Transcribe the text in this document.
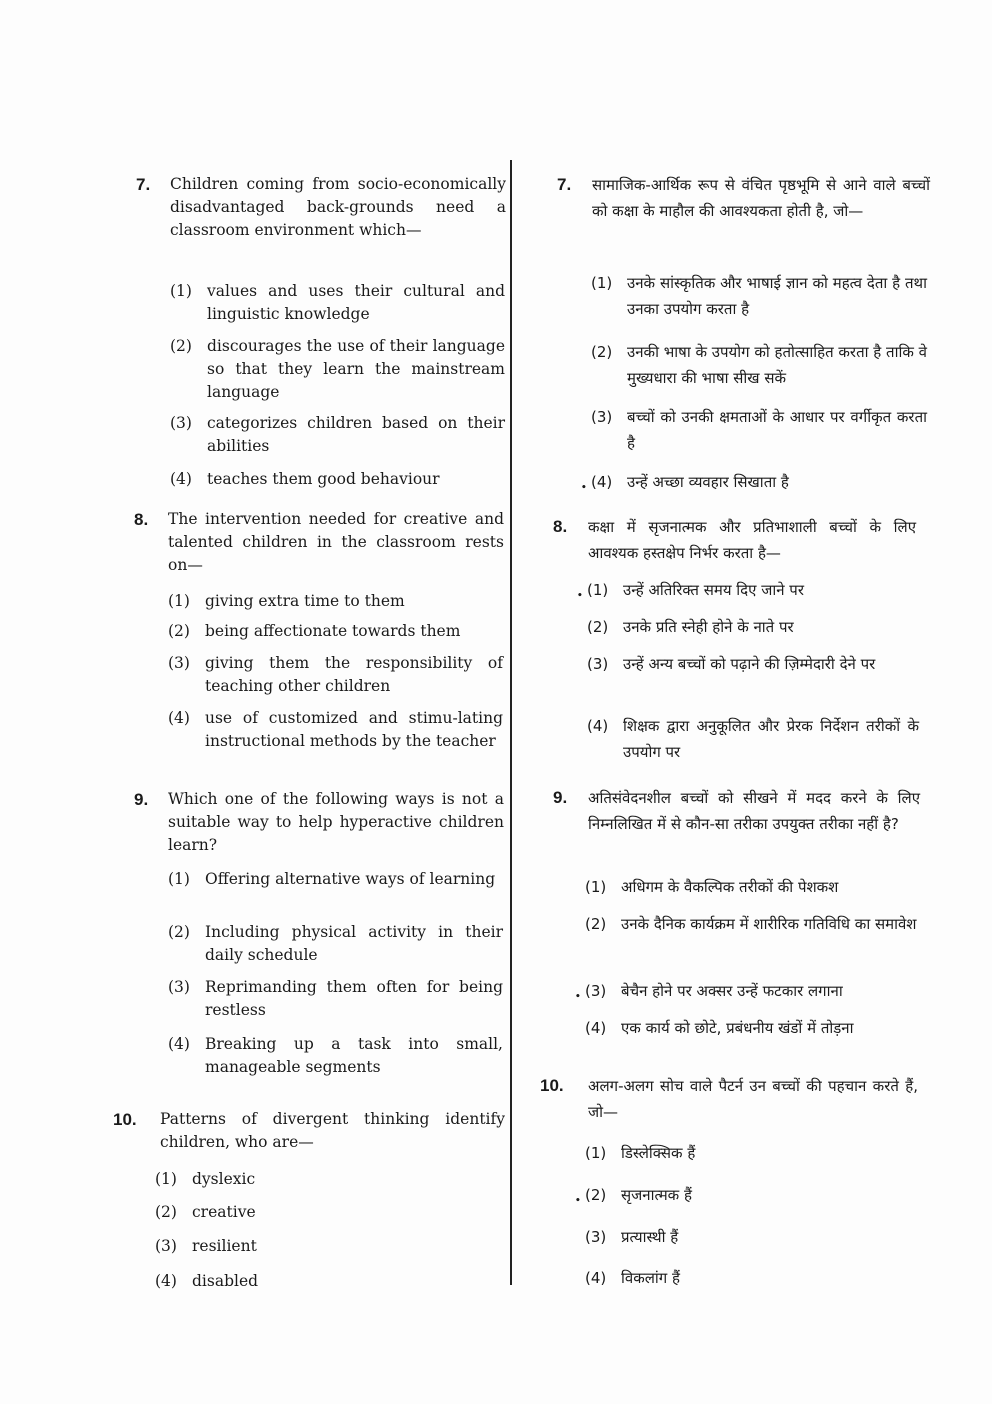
7. Children coming from socio-economically disadvantaged back-grounds need a classroom environment which—
(1) values and uses their cultural and linguistic knowledge
(2) discourages the use of their language so that they learn the mainstream language
(3) categorizes children based on their abilities
(4) teaches them good behaviour
8. The intervention needed for creative and talented children in the classroom rests on—
(1) giving extra time to them
(2) being affectionate towards them
(3) giving them the responsibility of teaching other children
(4) use of customized and stimu-lating instructional methods by the teacher
9. Which one of the following ways is not a suitable way to help hyperactive children learn?
(1) Offering alternative ways of learning
(2) Including physical activity in their daily schedule
(3) Reprimanding them often for being restless
(4) Breaking up a task into small, manageable segments
10. Patterns of divergent thinking identify children, who are—
(1) dyslexic
(2) creative
(3) resilient
(4) disabled
7. सामाजिक-आर्थिक रूप से वंचित पृष्ठभूमि से आने वाले बच्चों को कक्षा के माहौल की आवश्यकता होती है, जो—
(1) उनके सांस्कृतिक और भाषाई ज्ञान को महत्व देता है तथा उनका उपयोग करता है
(2) उनकी भाषा के उपयोग को हतोत्साहित करता है ताकि वे मुख्यधारा की भाषा सीख सकें
(3) बच्चों को उनकी क्षमताओं के आधार पर वर्गीकृत करता है
• (4) उन्हें अच्छा व्यवहार सिखाता है
8. कक्षा में सृजनात्मक और प्रतिभाशाली बच्चों के लिए आवश्यक हस्तक्षेप निर्भर करता है—
• (1) उन्हें अतिरिक्त समय दिए जाने पर
(2) उनके प्रति स्नेही होने के नाते पर
(3) उन्हें अन्य बच्चों को पढ़ाने की ज़िम्मेदारी देने पर
(4) शिक्षक द्वारा अनुकूलित और प्रेरक निर्देशन तरीकों के उपयोग पर
9. अतिसंवेदनशील बच्चों को सीखने में मदद करने के लिए निम्नलिखित में से कौन-सा तरीका उपयुक्त तरीका नहीं है?
(1) अधिगम के वैकल्पिक तरीकों की पेशकश
(2) उनके दैनिक कार्यक्रम में शारीरिक गतिविधि का समावेश
• (3) बेचैन होने पर अक्सर उन्हें फटकार लगाना
(4) एक कार्य को छोटे, प्रबंधनीय खंडों में तोड़ना
10. अलग-अलग सोच वाले पैटर्न उन बच्चों की पहचान करते हैं, जो—
(1) डिस्लेक्सिक हैं
• (2) सृजनात्मक हैं
(3) प्रत्यास्थी हैं
(4) विकलांग हैं
